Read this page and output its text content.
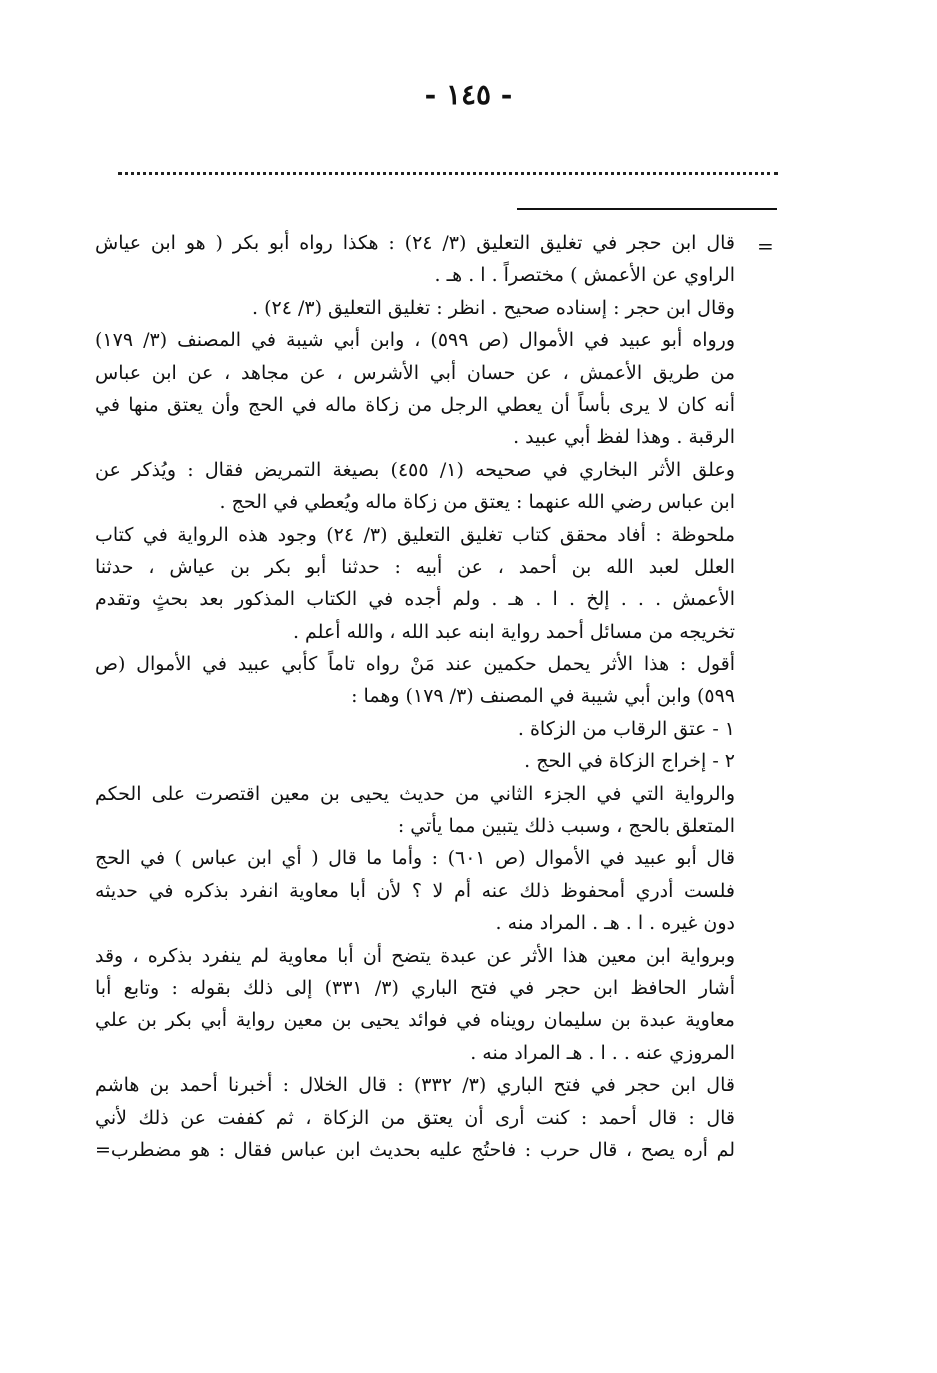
- ١٤٥ -
=
قال ابن حجر في تغليق التعليق (٣/ ٢٤) : هكذا رواه أبو بكر ( هو ابن عياش
الراوي عن الأعمش ) مختصراً . ا . هـ .
وقال ابن حجر : إسناده صحيح . انظر : تغليق التعليق (٣/ ٢٤) .
ورواه أبو عبيد في الأموال (ص ٥٩٩) ، وابن أبي شيبة في المصنف (٣/ ١٧٩)
من طريق الأعمش ، عن حسان أبي الأشرس ، عن مجاهد ، عن ابن عباس
أنه كان لا يرى بأساً أن يعطي الرجل من زكاة ماله في الحج وأن يعتق منها في
الرقبة . وهذا لفظ أبي عبيد .
وعلق الأثر البخاري في صحيحه (١/ ٤٥٥) بصيغة التمريض فقال : ويُذكر عن
ابن عباس رضي الله عنهما : يعتق من زكاة ماله ويُعطي في الحج .
ملحوظة : أفاد محقق كتاب تغليق التعليق (٣/ ٢٤) وجود هذه الرواية في كتاب
العلل لعبد الله بن أحمد ، عن أبيه : حدثنا أبو بكر بن عياش ، حدثنا
الأعمش . . . إلخ . ا . هـ . ولم أجده في الكتاب المذكور بعد بحثٍ وتقدم
تخريجه من مسائل أحمد رواية ابنه عبد الله ، والله أعلم .
أقول : هذا الأثر يحمل حكمين عند مَنْ رواه تاماً كأبي عبيد في الأموال (ص
٥٩٩) وابن أبي شيبة في المصنف (٣/ ١٧٩) وهما :
١ - عتق الرقاب من الزكاة .
٢ - إخراج الزكاة في الحج .
والرواية التي في الجزء الثاني من حديث يحيى بن معين اقتصرت على الحكم
المتعلق بالحج ، وسبب ذلك يتبين مما يأتي :
قال أبو عبيد في الأموال (ص ٦٠١) : وأما ما قال ( أي ابن عباس ) في الحج
فلست أدري أمحفوظ ذلك عنه أم لا ؟ لأن أبا معاوية انفرد بذكره في حديثه
دون غيره . ا . هـ . المراد منه .
وبرواية ابن معين هذا الأثر عن عبدة يتضح أن أبا معاوية لم ينفرد بذكره ، وقد
أشار الحافظ ابن حجر في فتح الباري (٣/ ٣٣١) إلى ذلك بقوله : وتابع أبا
معاوية عبدة بن سليمان رويناه في فوائد يحيى بن معين رواية أبي بكر بن علي
المروزي عنه . . ا . هـ المراد منه .
قال ابن حجر في فتح الباري (٣/ ٣٣٢) : قال الخلال : أخبرنا أحمد بن هاشم
قال : قال أحمد : كنت أرى أن يعتق من الزكاة ، ثم كففت عن ذلك لأني
لم أره يصح ، قال حرب : فاحتُج عليه بحديث ابن عباس فقال : هو مضطرب=
